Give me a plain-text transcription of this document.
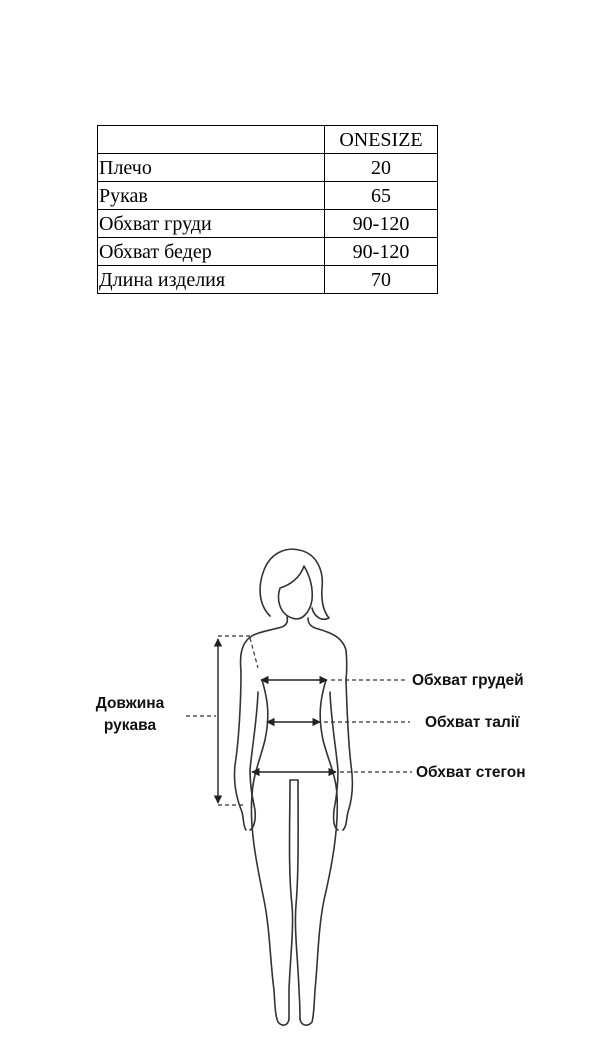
	ONESIZE
Плечо	20
Рукав	65
Обхват груди	90-120
Обхват бедер	90-120
Длина изделия	70
Довжина
рукава
Обхват грудей
Обхват талії
Обхват стегон
